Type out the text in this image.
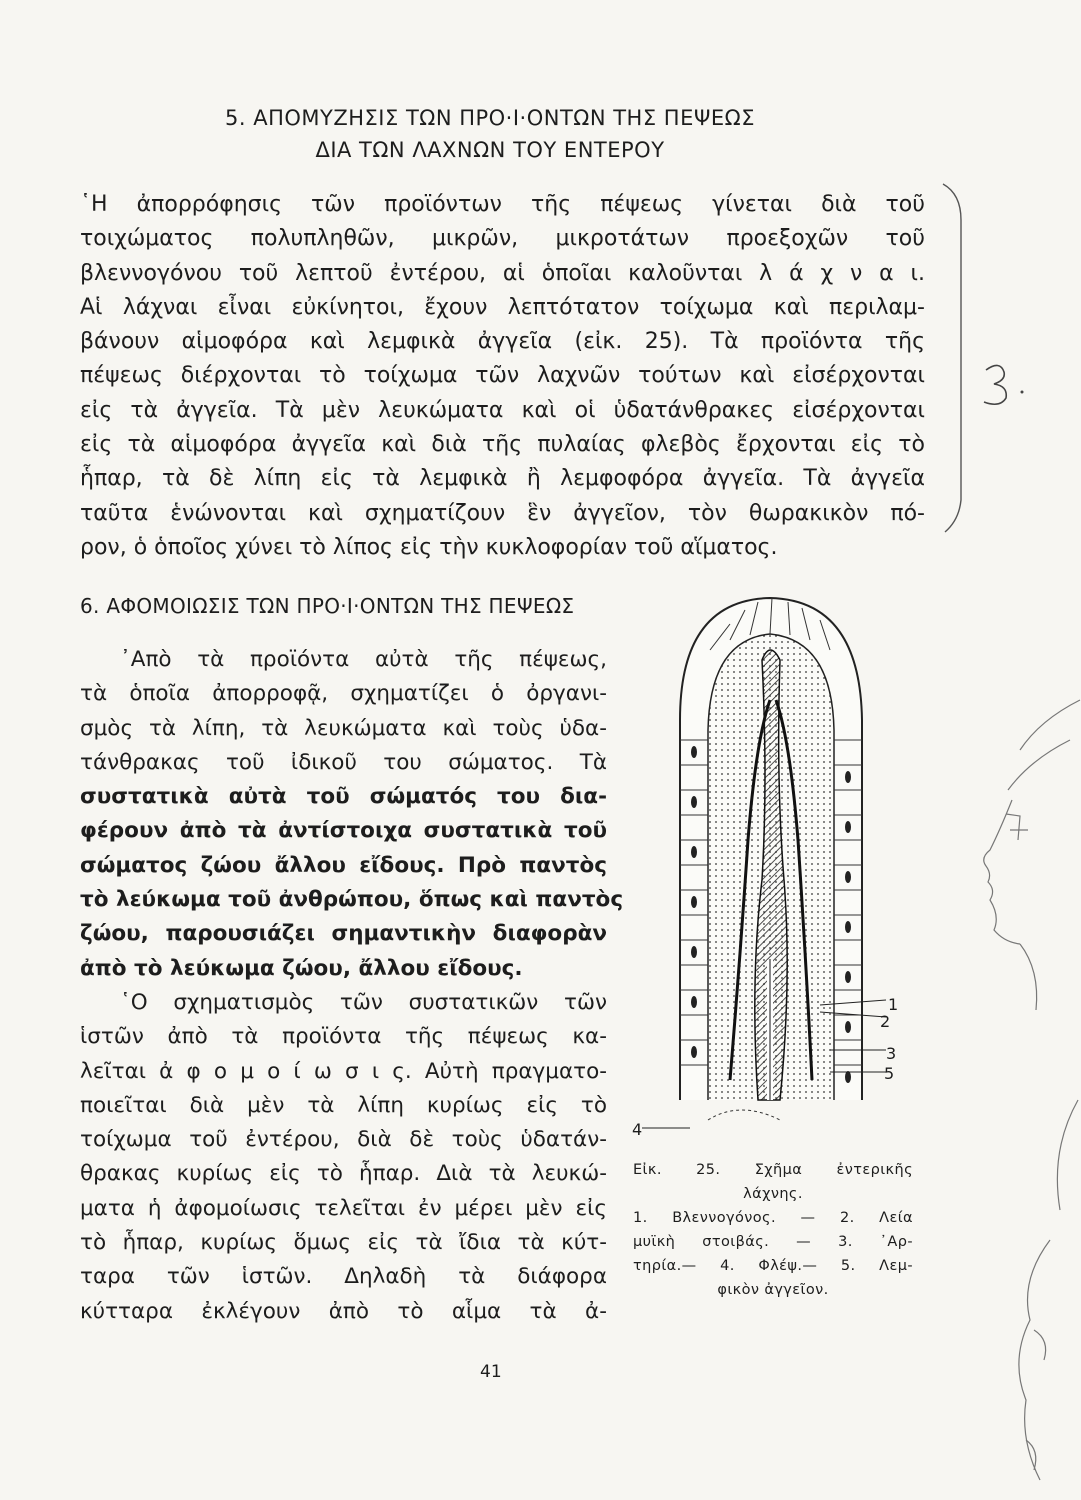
5. ΑΠΟΜΥΖΗΣΙΣ ΤΩΝ ΠΡΟ·Ι·ΟΝΤΩΝ ΤΗΣ ΠΕΨΕΩΣ
ΔΙΑ ΤΩΝ ΛΑΧΝΩΝ ΤΟΥ ΕΝΤΕΡΟΥ
῾Η ἀπορρόφησις τῶν προϊόντων τῆς πέψεως γίνεται διὰ τοῦ
τοιχώματος πολυπληθῶν, μικρῶν, μικροτάτων προεξοχῶν τοῦ
βλεννογόνου τοῦ λεπτοῦ ἐντέρου, αἱ ὁποῖαι καλοῦνται λ ά χ ν α ι.
Αἱ λάχναι εἶναι εὐκίνητοι, ἔχουν λεπτότατον τοίχωμα καὶ περιλαμ-
βάνουν αἱμοφόρα καὶ λεμφικὰ ἀγγεῖα (εἰκ. 25). Τὰ προϊόντα τῆς
πέψεως διέρχονται τὸ τοίχωμα τῶν λαχνῶν τούτων καὶ εἰσέρχονται
εἰς τὰ ἀγγεῖα. Τὰ μὲν λευκώματα καὶ οἱ ὑδατάνθρακες εἰσέρχονται
εἰς τὰ αἱμοφόρα ἀγγεῖα καὶ διὰ τῆς πυλαίας φλεβὸς ἔρχονται εἰς τὸ
ἧπαρ, τὰ δὲ λίπη εἰς τὰ λεμφικὰ ἢ λεμφοφόρα ἀγγεῖα. Τὰ ἀγγεῖα
ταῦτα ἑνώνονται καὶ σχηματίζουν ἓν ἀγγεῖον, τὸν θωρακικὸν πό-
ρον, ὁ ὁποῖος χύνει τὸ λίπος εἰς τὴν κυκλοφορίαν τοῦ αἵματος.
6. ΑΦΟΜΟΙΩΣΙΣ ΤΩΝ ΠΡΟ·Ι·ΟΝΤΩΝ ΤΗΣ ΠΕΨΕΩΣ
᾿Απὸ τὰ προϊόντα αὐτὰ τῆς πέψεως,
τὰ ὁποῖα ἀπορροφᾷ, σχηματίζει ὁ ὀργανι-
σμὸς τὰ λίπη, τὰ λευκώματα καὶ τοὺς ὑδα-
τάνθρακας τοῦ ἰδικοῦ του σώματος. Τὰ
συστατικὰ αὐτὰ τοῦ σώματός του δια-
φέρουν ἀπὸ τὰ ἀντίστοιχα συστατικὰ τοῦ
σώματος ζώου ἄλλου εἴδους. Πρὸ παντὸς
τὸ λεύκωμα τοῦ ἀνθρώπου, ὅπως καὶ παντὸς
ζώου, παρουσιάζει σημαντικὴν διαφορὰν
ἀπὸ τὸ λεύκωμα ζώου, ἄλλου εἴδους.
῾Ο σχηματισμὸς τῶν συστατικῶν τῶν
ἱστῶν ἀπὸ τὰ προϊόντα τῆς πέψεως κα-
λεῖται ἀ φ ο μ ο ί ω σ ι ς. Αὐτὴ πραγματο-
ποιεῖται διὰ μὲν τὰ λίπη κυρίως εἰς τὸ
τοίχωμα τοῦ ἐντέρου, διὰ δὲ τοὺς ὑδατάν-
θρακας κυρίως εἰς τὸ ἧπαρ. Διὰ τὰ λευκώ-
ματα ἡ ἀφομοίωσις τελεῖται ἐν μέρει μὲν εἰς
τὸ ἧπαρ, κυρίως ὅμως εἰς τὰ ἴδια τὰ κύτ-
ταρα τῶν ἱστῶν. Δηλαδὴ τὰ διάφορα
κύτταρα ἐκλέγουν ἀπὸ τὸ αἷμα τὰ ἀ-
1
2
3
4
5
Εἰκ. 25. Σχῆμα ἐντερικῆς
λάχνης.
1. Βλεννογόνος. — 2. Λεία
μυϊκὴ στοιβάς. — 3. ᾿Αρ-
τηρία.— 4. Φλέψ.— 5. Λεμ-
φικὸν ἀγγεῖον.
41
